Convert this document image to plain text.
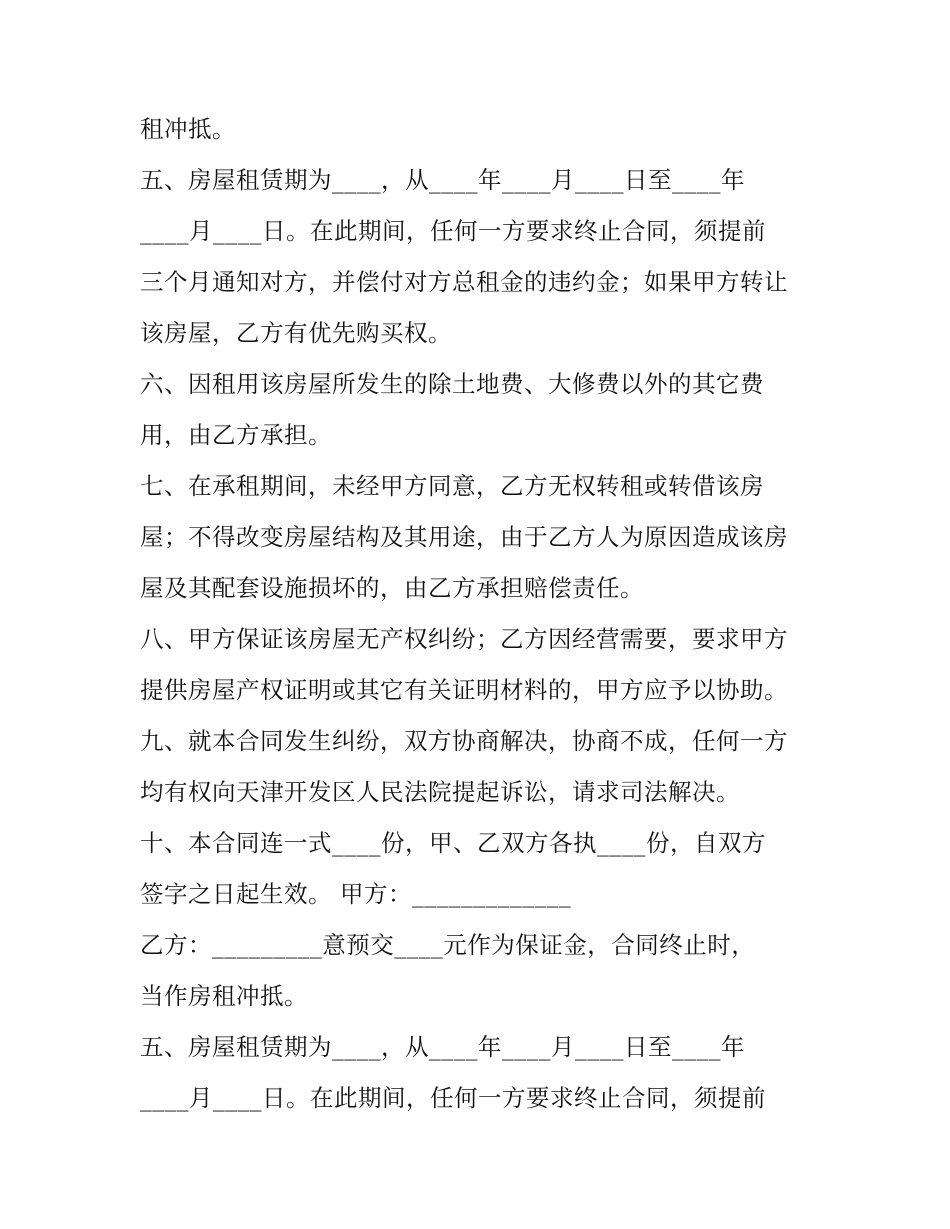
租冲抵。
五、房屋租赁期为____，从____年____月____日至____年
____月____日。在此期间，任何一方要求终止合同，须提前
三个月通知对方，并偿付对方总租金的违约金；如果甲方转让
该房屋，乙方有优先购买权。
六、因租用该房屋所发生的除土地费、大修费以外的其它费
用，由乙方承担。
七、在承租期间，未经甲方同意，乙方无权转租或转借该房
屋；不得改变房屋结构及其用途，由于乙方人为原因造成该房
屋及其配套设施损坏的，由乙方承担赔偿责任。
八、甲方保证该房屋无产权纠纷；乙方因经营需要，要求甲方
提供房屋产权证明或其它有关证明材料的，甲方应予以协助。
九、就本合同发生纠纷，双方协商解决，协商不成，任何一方
均有权向天津开发区人民法院提起诉讼，请求司法解决。
十、本合同连一式____份，甲、乙双方各执____份，自双方
签字之日起生效。 甲方：_____________
乙方：_________意预交____元作为保证金，合同终止时，
当作房租冲抵。
五、房屋租赁期为____，从____年____月____日至____年
____月____日。在此期间，任何一方要求终止合同，须提前
